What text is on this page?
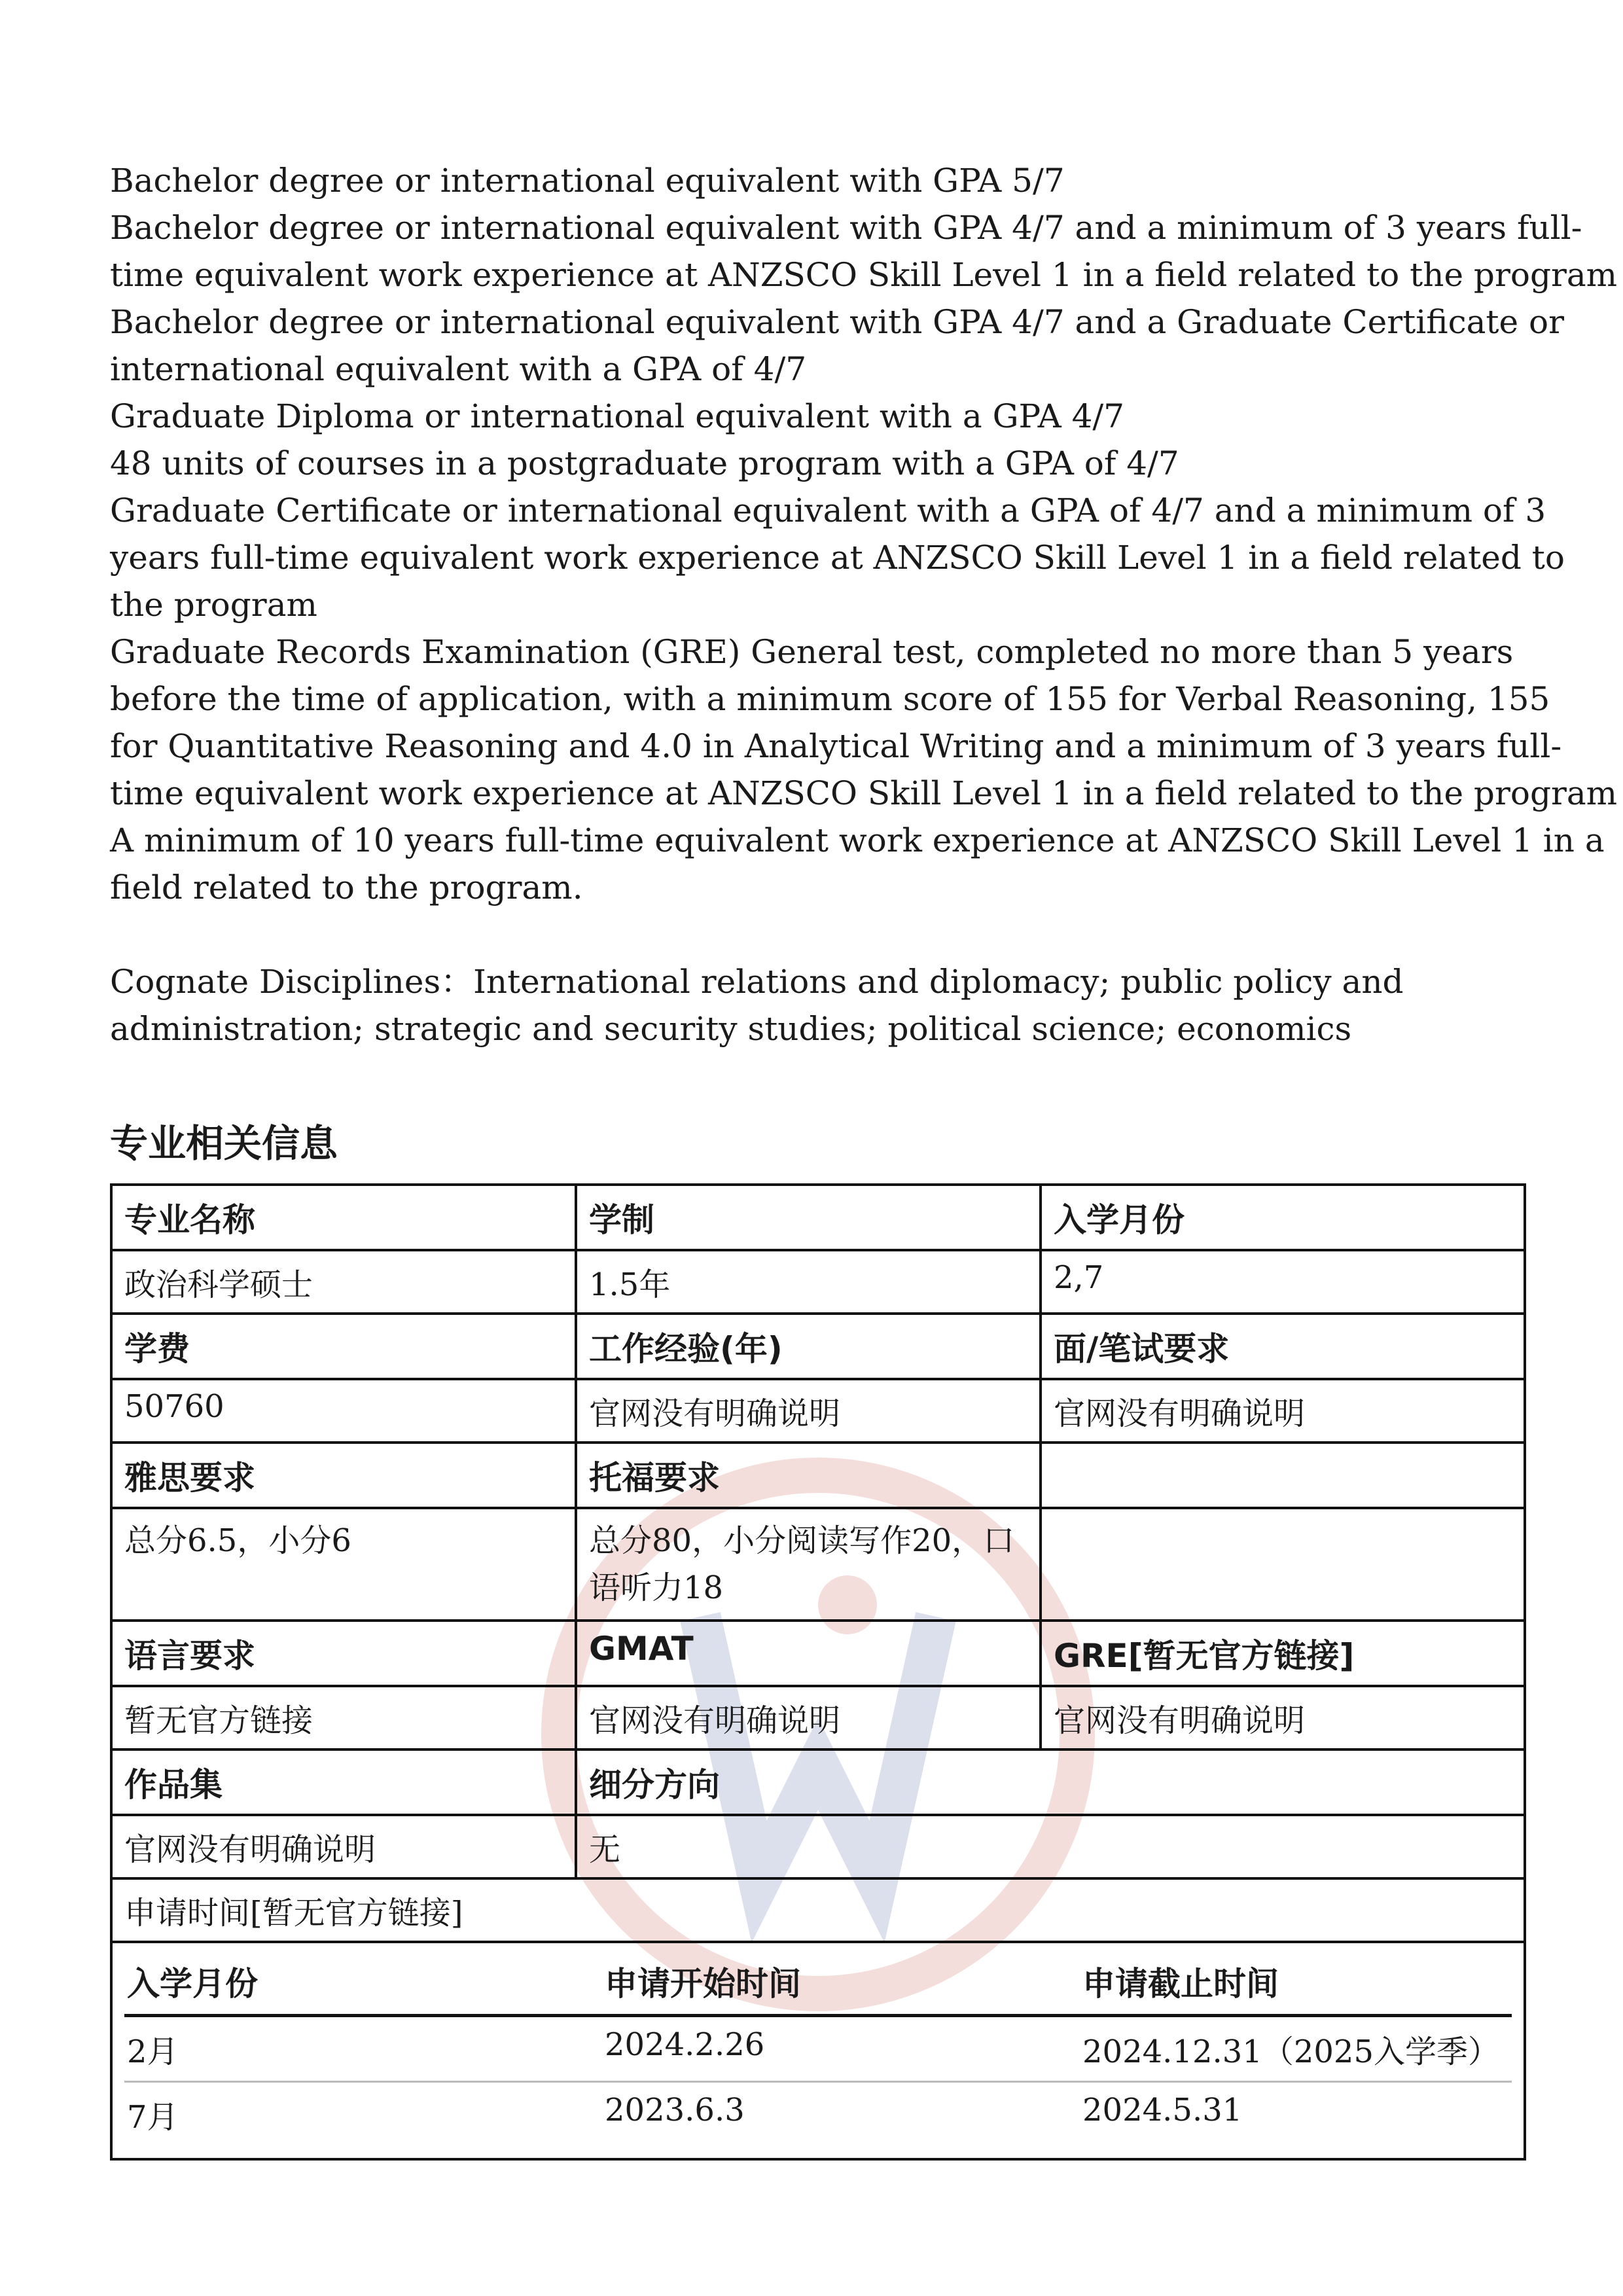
Bachelor degree or international equivalent with GPA 5/7
Bachelor degree or international equivalent with GPA 4/7 and a minimum of 3 years full-
time equivalent work experience at ANZSCO Skill Level 1 in a field related to the program
Bachelor degree or international equivalent with GPA 4/7 and a Graduate Certificate or
international equivalent with a GPA of 4/7
Graduate Diploma or international equivalent with a GPA 4/7
48 units of courses in a postgraduate program with a GPA of 4/7
Graduate Certificate or international equivalent with a GPA of 4/7 and a minimum of 3
years full-time equivalent work experience at ANZSCO Skill Level 1 in a field related to
the program
Graduate Records Examination (GRE) General test, completed no more than 5 years
before the time of application, with a minimum score of 155 for Verbal Reasoning, 155
for Quantitative Reasoning and 4.0 in Analytical Writing and a minimum of 3 years full-
time equivalent work experience at ANZSCO Skill Level 1 in a field related to the program
A minimum of 10 years full-time equivalent work experience at ANZSCO Skill Level 1 in a
field related to the program.
Cognate Disciplines：International relations and diplomacy; public policy and
administration; strategic and security studies; political science; economics
专业相关信息
专业名称	学制	入学月份
政治科学硕士	1.5年	2,7
学费	工作经验(年)	面/笔试要求
50760	官网没有明确说明	官网没有明确说明
雅思要求	托福要求	
总分6.5，小分6	总分80，小分阅读写作20，口语听力18	
语言要求	GMAT	GRE[暂无官方链接]
暂无官方链接	官网没有明确说明	官网没有明确说明
作品集	细分方向
官网没有明确说明	无
申请时间[暂无官方链接]

入学月份	申请开始时间	申请截止时间
2月	2024.2.26	2024.12.31（2025入学季）
7月	2023.6.3	2024.5.31
